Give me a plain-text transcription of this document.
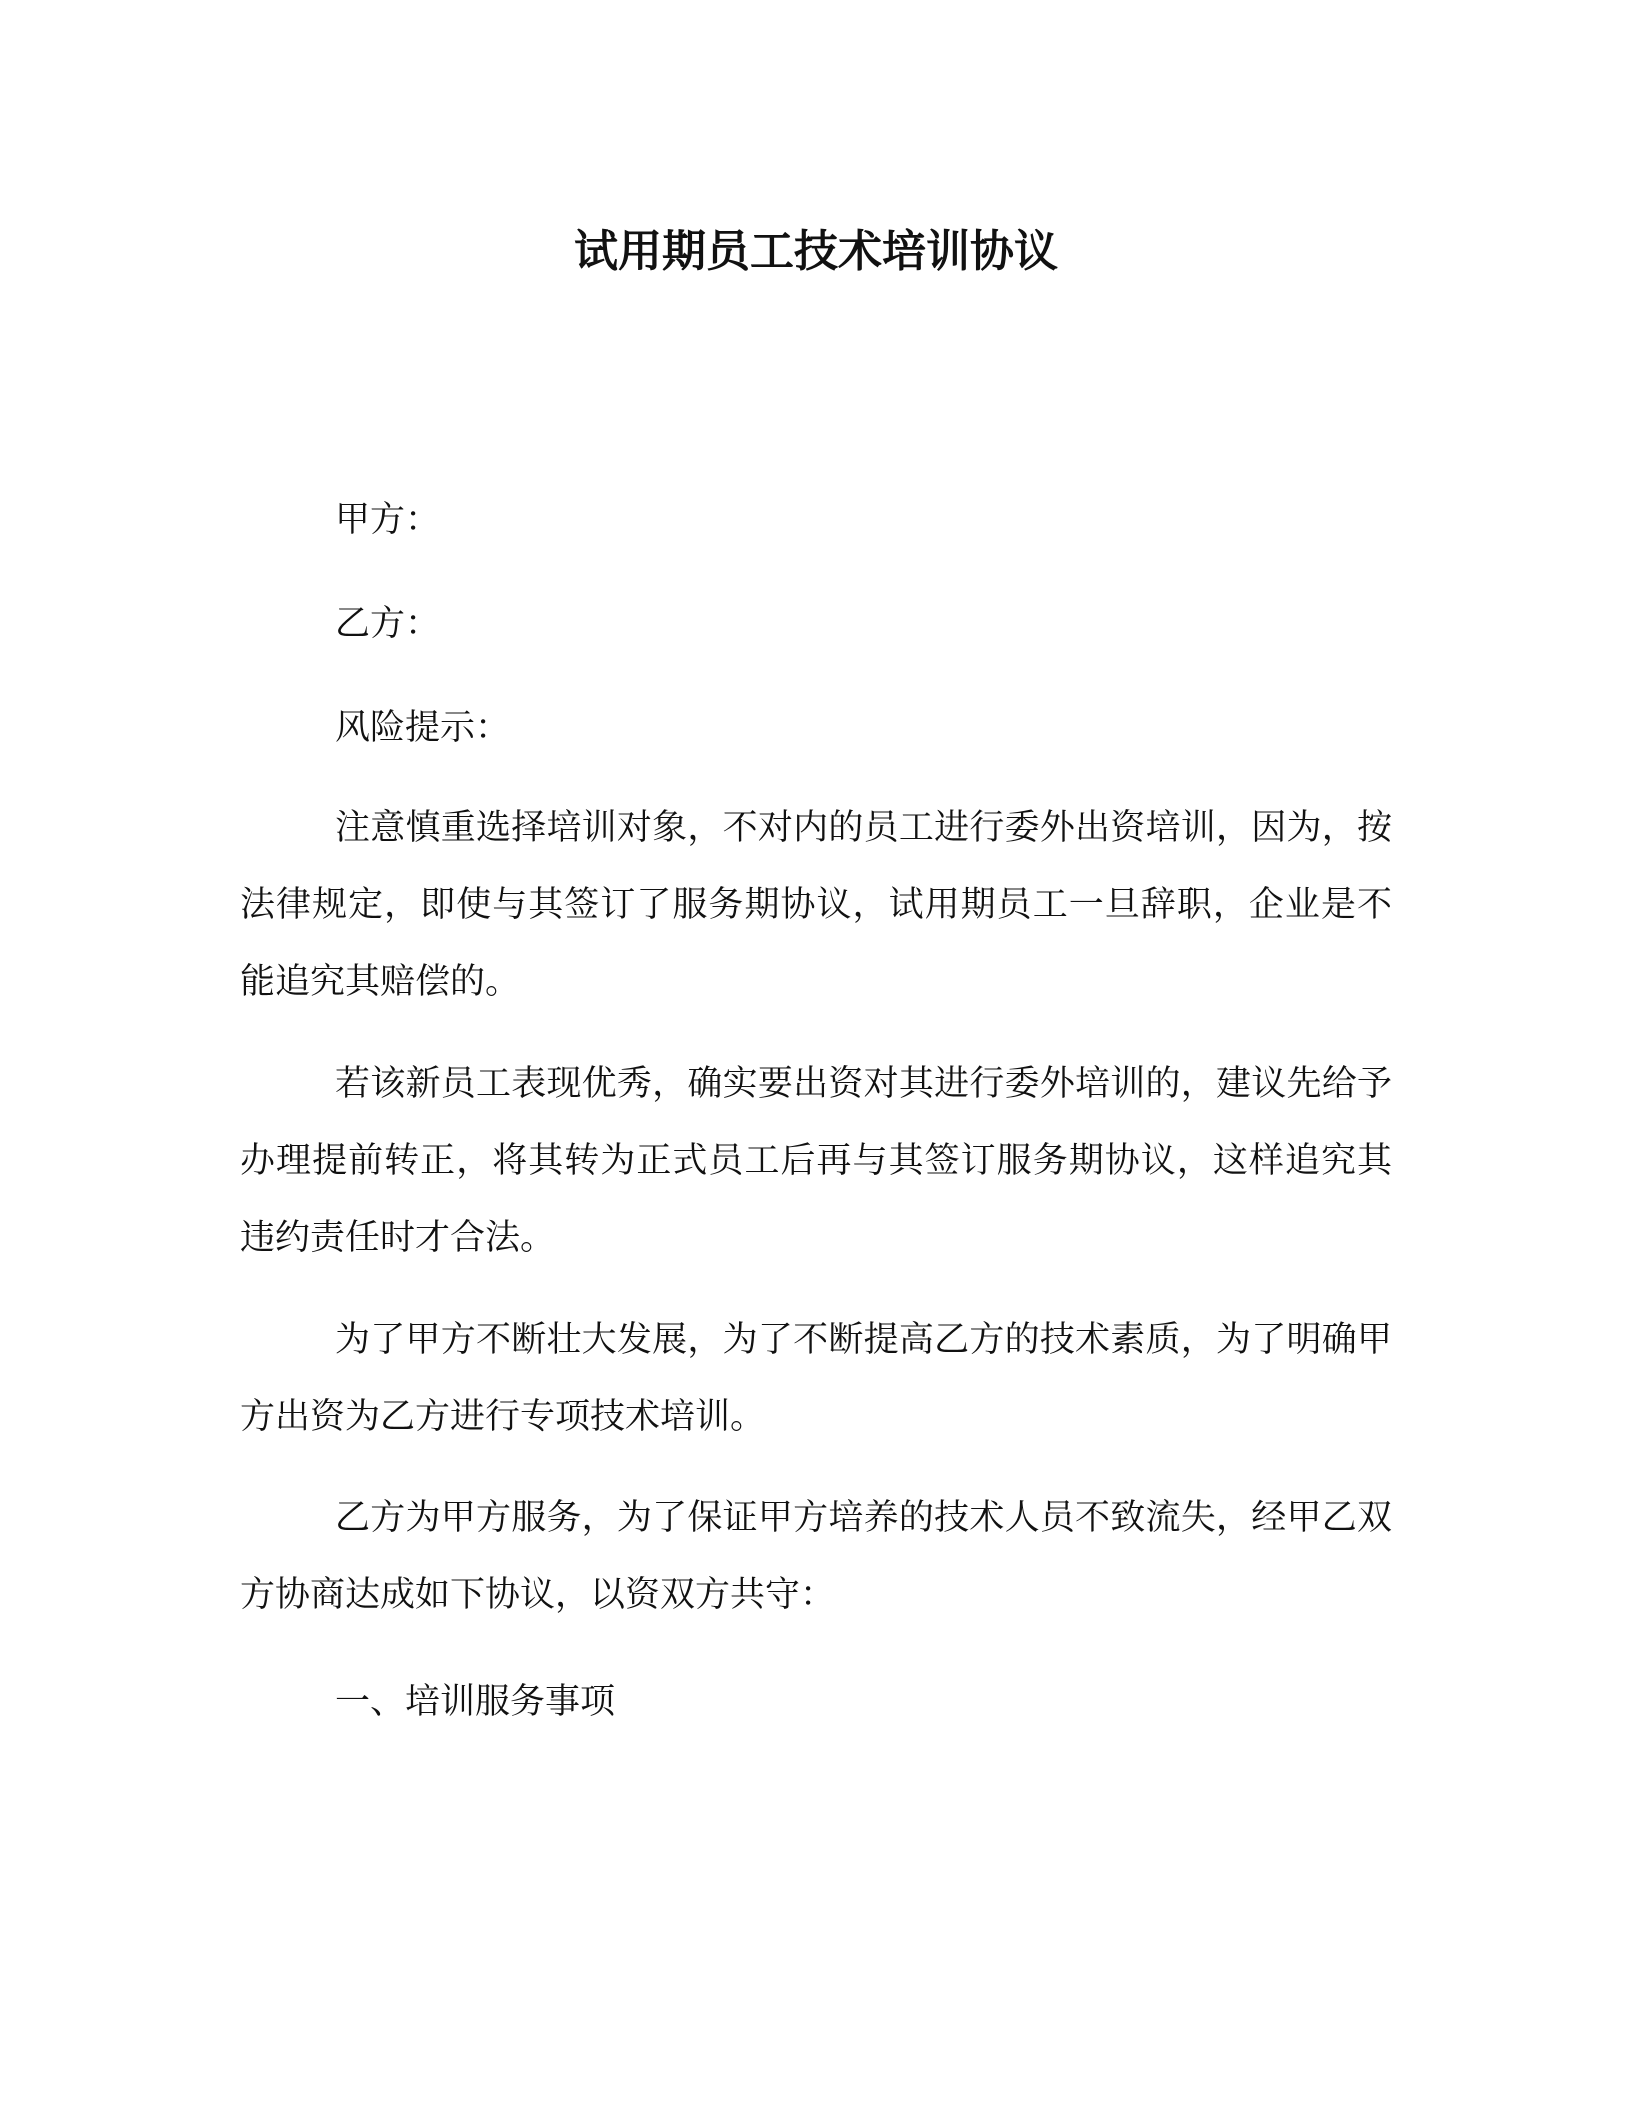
试用期员工技术培训协议

甲方：

乙方：

风险提示：

注意慎重选择培训对象，不对内的员工进行委外出资培训，因为，按法律规定，即使与其签订了服务期协议，试用期员工一旦辞职，企业是不能追究其赔偿的。

若该新员工表现优秀，确实要出资对其进行委外培训的，建议先给予办理提前转正，将其转为正式员工后再与其签订服务期协议，这样追究其违约责任时才合法。

为了甲方不断壮大发展，为了不断提高乙方的技术素质，为了明确甲方出资为乙方进行专项技术培训。

乙方为甲方服务，为了保证甲方培养的技术人员不致流失，经甲乙双方协商达成如下协议，以资双方共守：

一、培训服务事项
